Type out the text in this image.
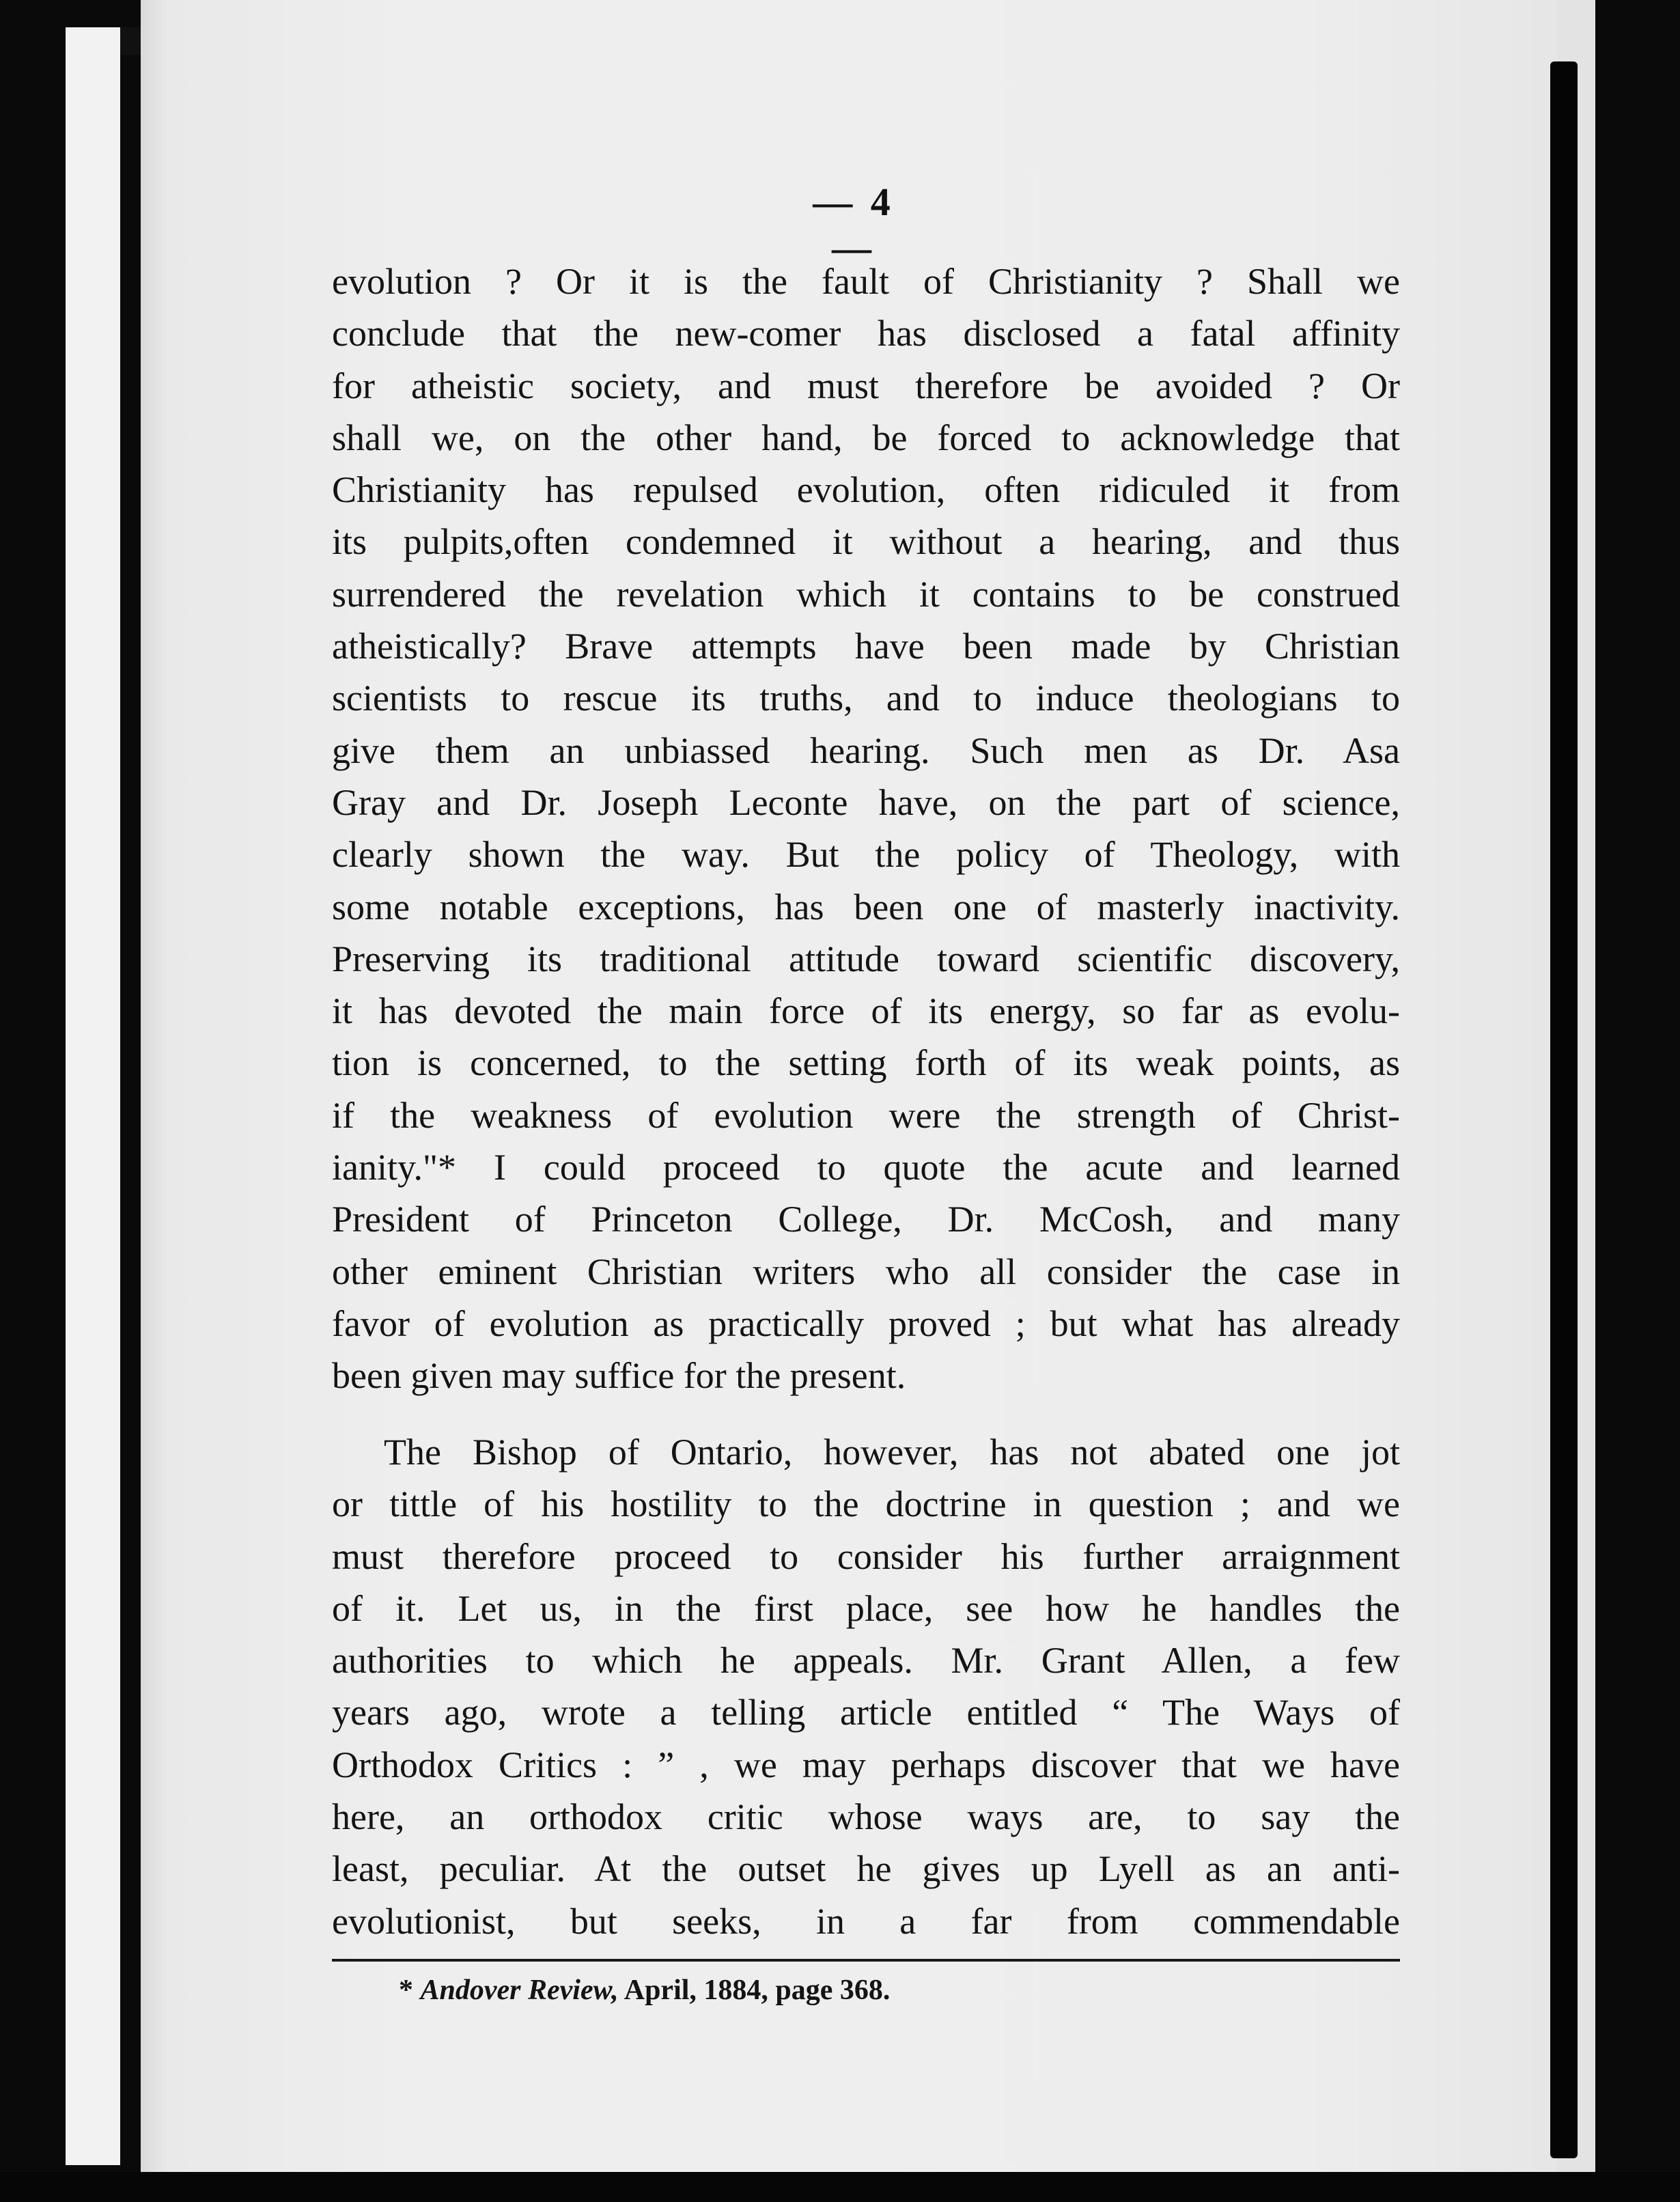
— 4 —
evolution ? Or it is the fault of Christianity ? Shall we
conclude that the new-comer has disclosed a fatal affinity
for atheistic society, and must therefore be avoided ? Or
shall we, on the other hand, be forced to acknowledge that
Christianity has repulsed evolution, often ridiculed it from
its pulpits,often condemned it without a hearing, and thus
surrendered the revelation which it contains to be construed
atheistically? Brave attempts have been made by Christian
scientists to rescue its truths, and to induce theologians to
give them an unbiassed hearing. Such men as Dr. Asa
Gray and Dr. Joseph Leconte have, on the part of science,
clearly shown the way. But the policy of Theology, with
some notable exceptions, has been one of masterly inactivity.
Preserving its traditional attitude toward scientific discovery,
it has devoted the main force of its energy, so far as evolu-
tion is concerned, to the setting forth of its weak points, as
if the weakness of evolution were the strength of Christ-
ianity."* I could proceed to quote the acute and learned
President of Princeton College, Dr. McCosh, and many
other eminent Christian writers who all consider the case in
favor of evolution as practically proved ; but what has already
been given may suffice for the present.
The Bishop of Ontario, however, has not abated one jot
or tittle of his hostility to the doctrine in question ; and we
must therefore proceed to consider his further arraignment
of it. Let us, in the first place, see how he handles the
authorities to which he appeals. Mr. Grant Allen, a few
years ago, wrote a telling article entitled “ The Ways of
Orthodox Critics : ” , we may perhaps discover that we have
here, an orthodox critic whose ways are, to say the
least, peculiar. At the outset he gives up Lyell as an anti-
evolutionist, but seeks, in a far from commendable
* Andover Review, April, 1884, page 368.
